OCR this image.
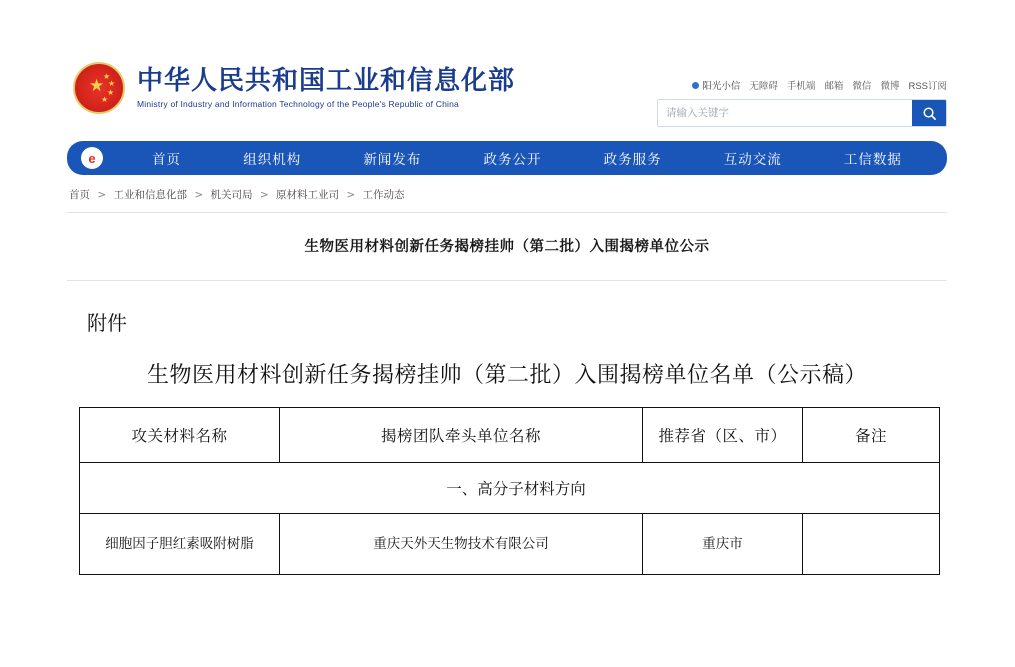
★
★
★
★
★
中华人民共和国工业和信息化部
Ministry of Industry and Information Technology of the People's Republic of China
阳光小信 无障碍 手机端 邮箱 微信 微博 RSS订阅
请输入关键字
e	首页	组织机构	新闻发布	政务公开	政务服务	互动交流	工信数据
首页 > 工业和信息化部 > 机关司局 > 原材料工业司 > 工作动态
生物医用材料创新任务揭榜挂帅（第二批）入围揭榜单位公示
附件
生物医用材料创新任务揭榜挂帅（第二批）入围揭榜单位名单（公示稿）
攻关材料名称	揭榜团队牵头单位名称	推荐省（区、市）	备注
一、高分子材料方向			
细胞因子胆红素吸附树脂	重庆天外天生物技术有限公司	重庆市	
